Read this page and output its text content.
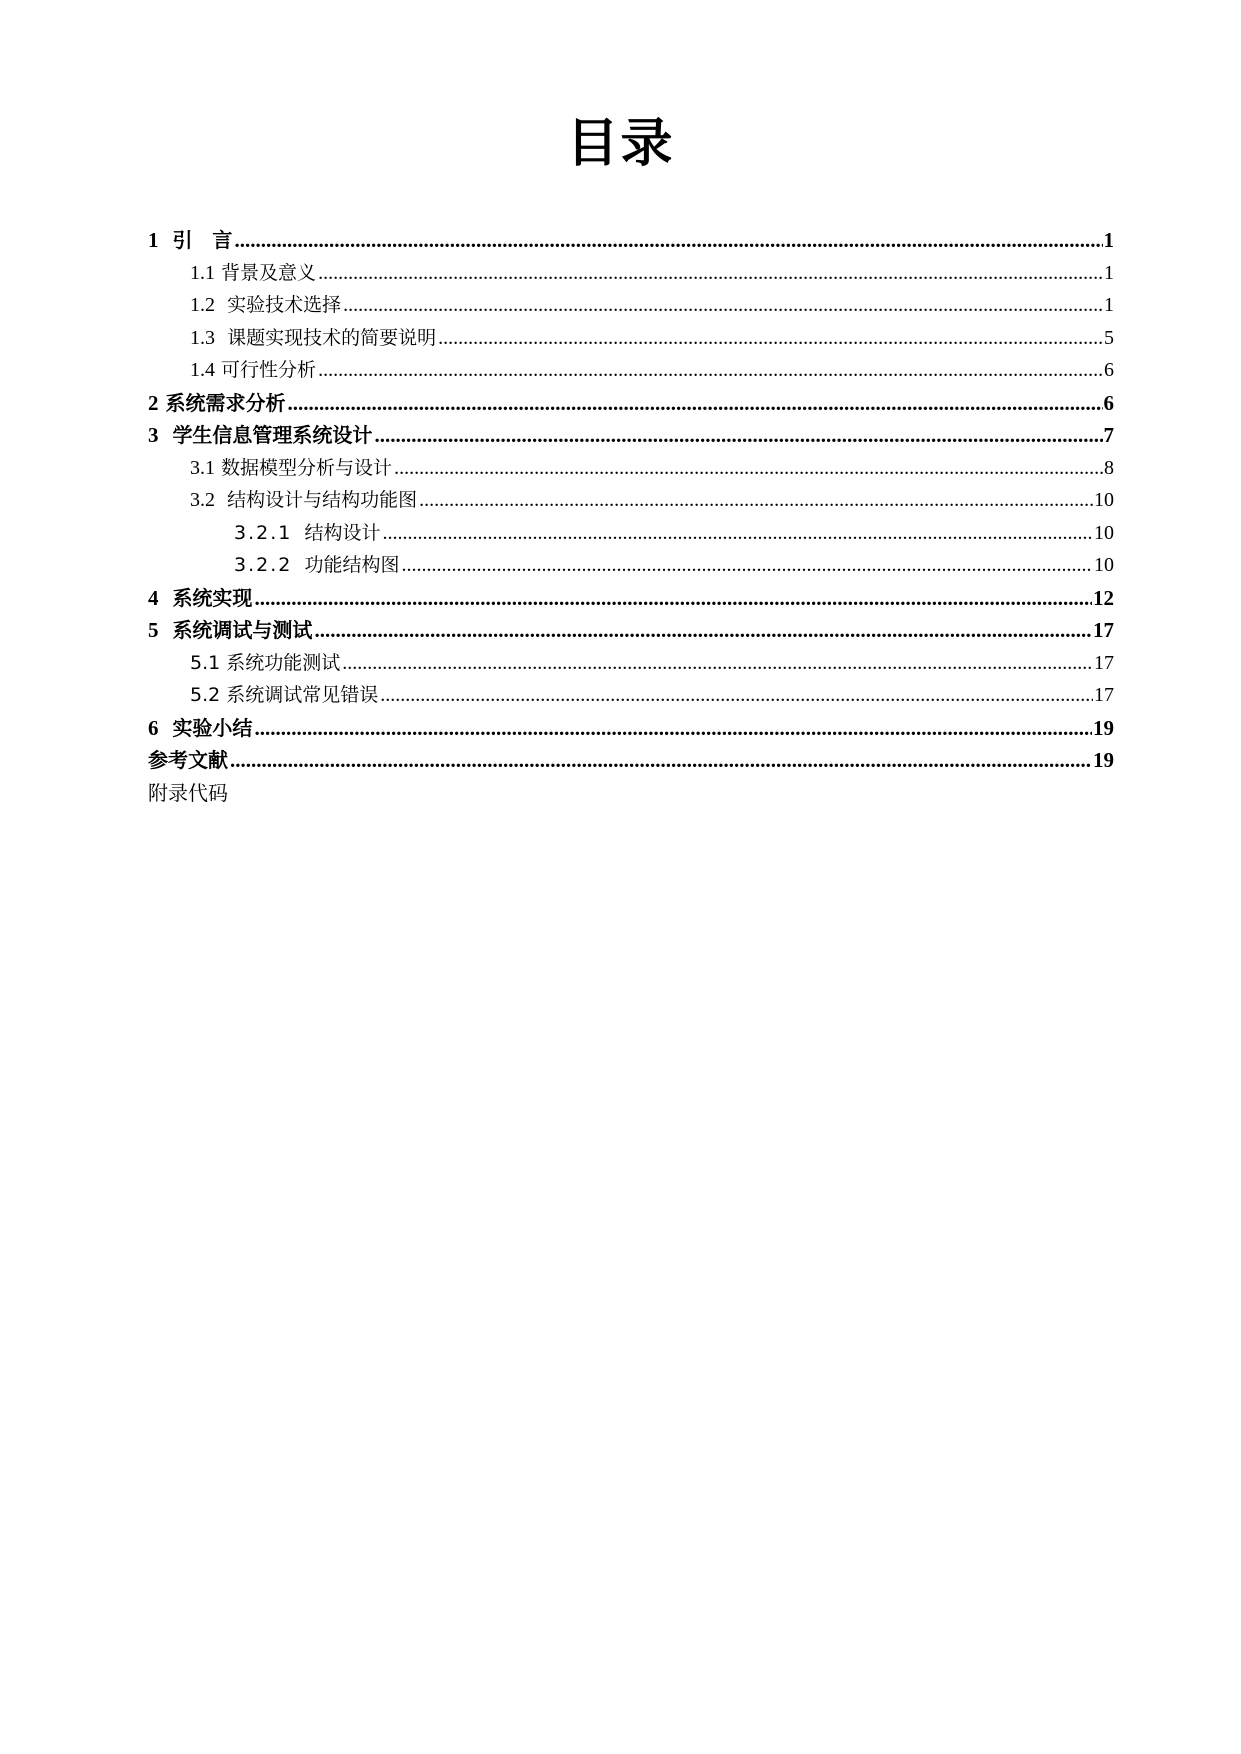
目录
1 引　言 .....	1
1.1 背景及意义 .....	1
1.2 实验技术选择 .....	1
1.3 课题实现技术的简要说明 .....	5
1.4 可行性分析 .....	6
2 系统需求分析 .....	6
3 学生信息管理系统设计 .....	7
3.1 数据模型分析与设计 .....	8
3.2 结构设计与结构功能图 .....	10
3.2.1 结构设计 .....	10
3.2.2 功能结构图 .....	10
4 系统实现 .....	12
5 系统调试与测试 .....	17
5.1 系统功能测试 .....	17
5.2 系统调试常见错误 .....	17
6 实验小结 .....	19
参考文献 .....	19
附录代码
